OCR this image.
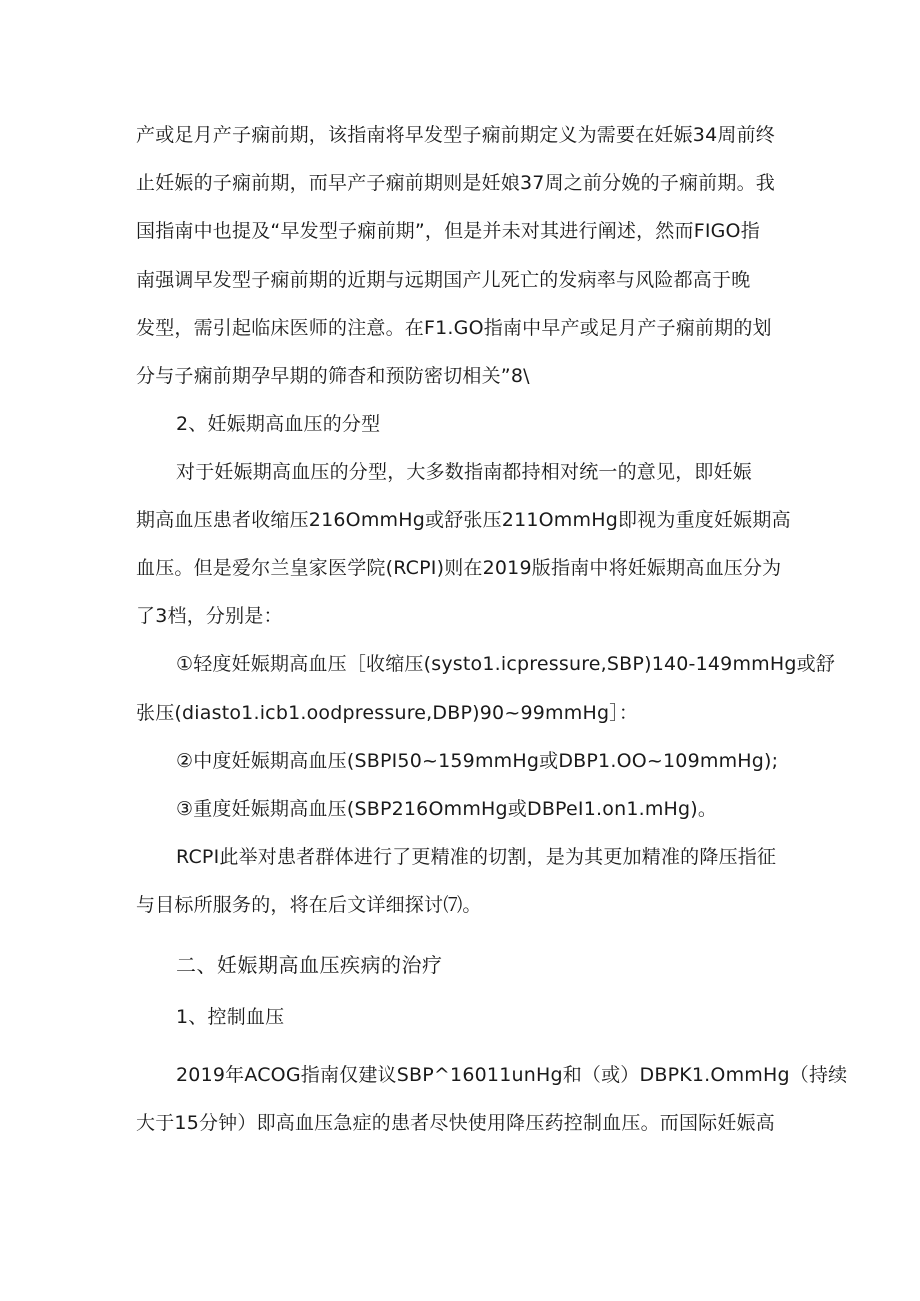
产或足月产子痫前期，该指南将早发型子痫前期定义为需要在妊娠34周前终
止妊娠的子痫前期，而早产子痫前期则是妊娘37周之前分娩的子痫前期。我
国指南中也提及“早发型子痫前期”，但是并未对其进行阐述，然而FIGO指
南强调早发型子痫前期的近期与远期国产儿死亡的发病率与风险都高于晚
发型，需引起临床医师的注意。在F1.GO指南中早产或足月产子痫前期的划
分与子痫前期孕早期的筛杳和预防密切相关”8\
2、妊娠期高血压的分型
对于妊娠期高血压的分型，大多数指南都持相对统一的意见，即妊娠
期高血压患者收缩压216OmmHg或舒张压211OmmHg即视为重度妊娠期高
血压。但是爱尔兰皇家医学院(RCPI)则在2019版指南中将妊娠期高血压分为
了3档，分别是：
①轻度妊娠期高血压［收缩压(systo1.icpressure,SBP)140-149mmHg或舒
张压(diasto1.icb1.oodpressure,DBP)90~99mmHg］：
②中度妊娠期高血压(SBPI50~159mmHg或DBP1.OO~109mmHg);
③重度妊娠期高血压(SBP216OmmHg或DBPeI1.on1.mHg)。
RCPI此举对患者群体进行了更精准的切割，是为其更加精准的降压指征
与目标所服务的，将在后文详细探讨⑺。
二、妊娠期高血压疾病的治疗
1、控制血压
2019年ACOG指南仅建议SBP^16011unHg和（或）DBPK1.OmmHg（持续
大于15分钟）即高血压急症的患者尽快使用降压药控制血压。而国际妊娠高
